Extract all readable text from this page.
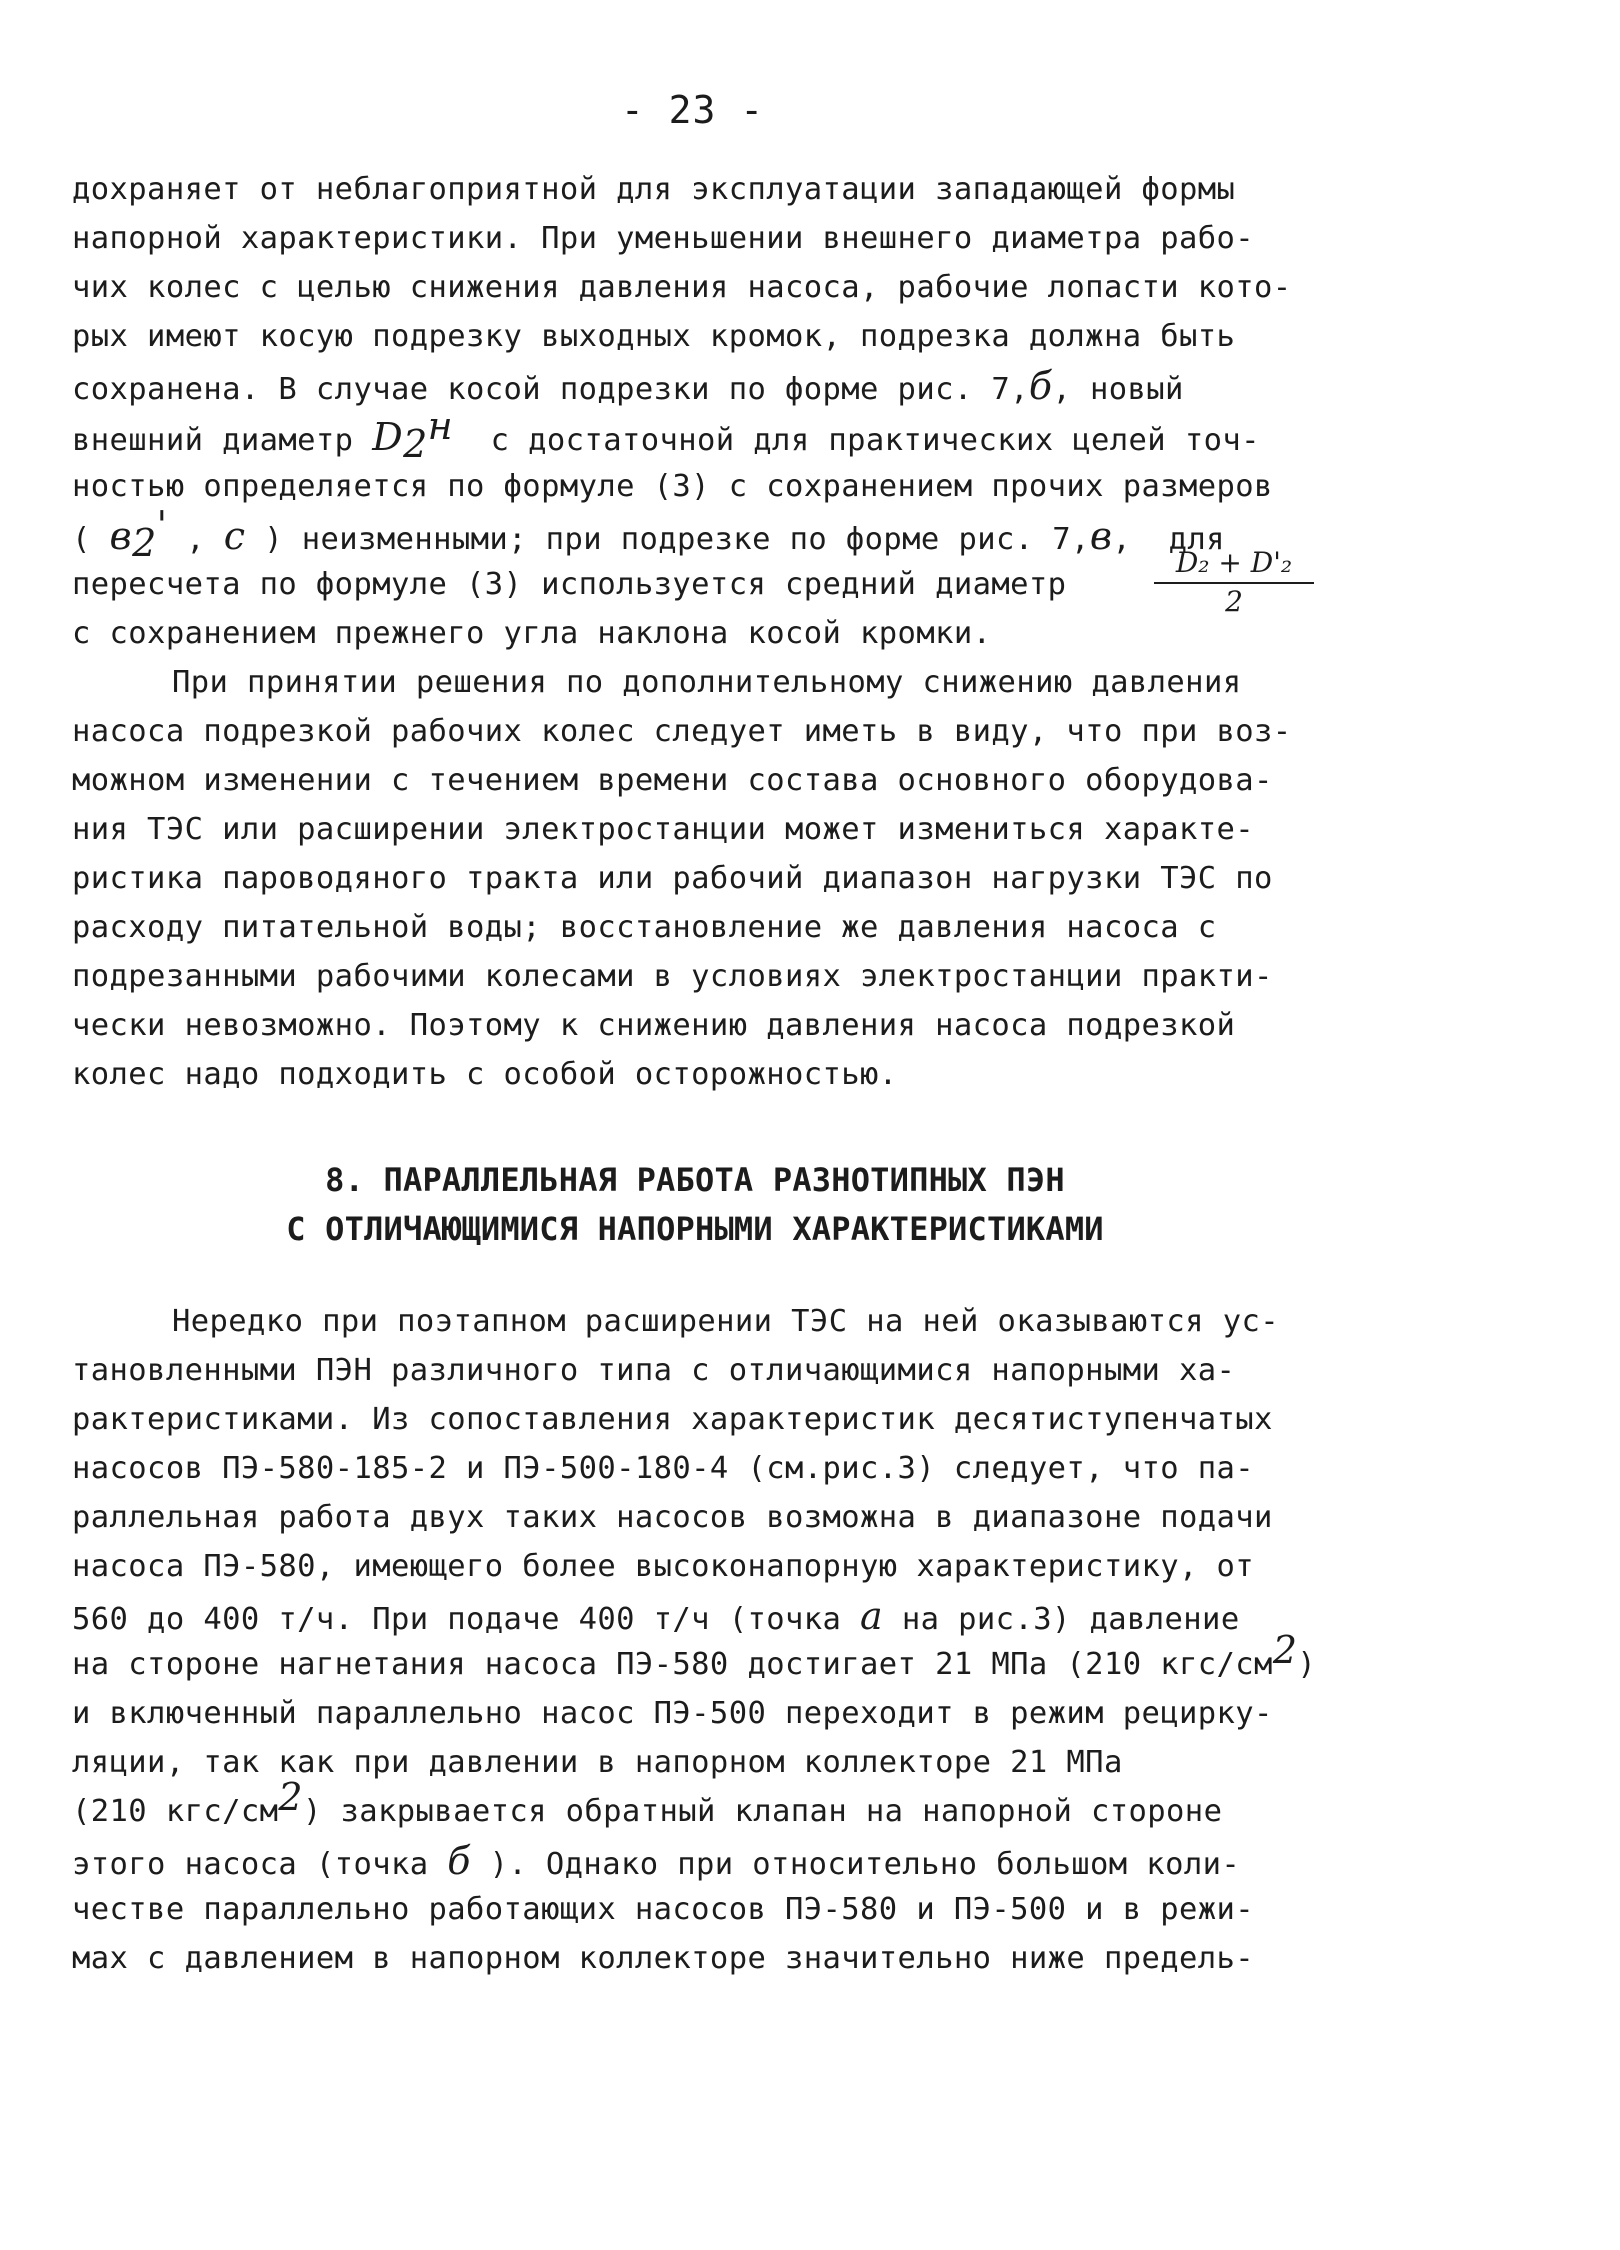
- 23 -
дохраняет от неблагоприятной для эксплуатации западающей формы
напорной характеристики. При уменьшении внешнего диаметра рабо-
чих колес с целью снижения давления насоса, рабочие лопасти кото-
рых имеют косую подрезку выходных кромок, подрезка должна быть
сохранена. В случае косой подрезки по форме рис. 7,б, новый
внешний диаметр $D_2^н$  с достаточной для практических целей точ-
ностью определяется по формуле (3) с сохранением прочих размеров
( $в_2'$ , с ) неизменными; при подрезке по форме рис. 7,в,  для
пересчета по формуле (3) используется средний диаметр	$\frac{\text{D₂ + D'₂}}{2}$
с сохранением прежнего угла наклона косой кромки.
При принятии решения по дополнительному снижению давления
насоса подрезкой рабочих колес следует иметь в виду, что при воз-
можном изменении с течением времени состава основного оборудова-
ния ТЭС или расширении электростанции может измениться характе-
ристика пароводяного тракта или рабочий диапазон нагрузки ТЭС по
расходу питательной воды; восстановление же давления насоса с
подрезанными рабочими колесами в условиях электростанции практи-
чески невозможно. Поэтому к снижению давления насоса подрезкой
колес надо подходить с особой осторожностью.
8. ПАРАЛЛЕЛЬНАЯ РАБОТА РАЗНОТИПНЫХ ПЭН
С ОТЛИЧАЮЩИМИСЯ НАПОРНЫМИ ХАРАКТЕРИСТИКАМИ
Нередко при поэтапном расширении ТЭС на ней оказываются ус-
тановленными ПЭН различного типа с отличающимися напорными ха-
рактеристиками. Из сопоставления характеристик десятиступенчатых
насосов ПЭ-580-185-2 и ПЭ-500-180-4 (см.рис.3) следует, что па-
раллельная работа двух таких насосов возможна в диапазоне подачи
насоса ПЭ-580, имеющего более высоконапорную характеристику, от
560 до 400 т/ч. При подаче 400 т/ч (точка а на рис.3) давление
на стороне нагнетания насоса ПЭ-580 достигает 21 МПа (210 кгс/$см^2$)
и включенный параллельно насос ПЭ-500 переходит в режим рециркy-
ляции, так как при давлении в напорном коллекторе 21 МПа
(210 кгс/$см^2$) закрывается обратный клапан на напорной стороне
этого насоса (точка б ). Однако при относительно большом коли-
честве параллельно работающих насосов ПЭ-580 и ПЭ-500 и в режи-
мах с давлением в напорном коллекторе значительно ниже предель-
